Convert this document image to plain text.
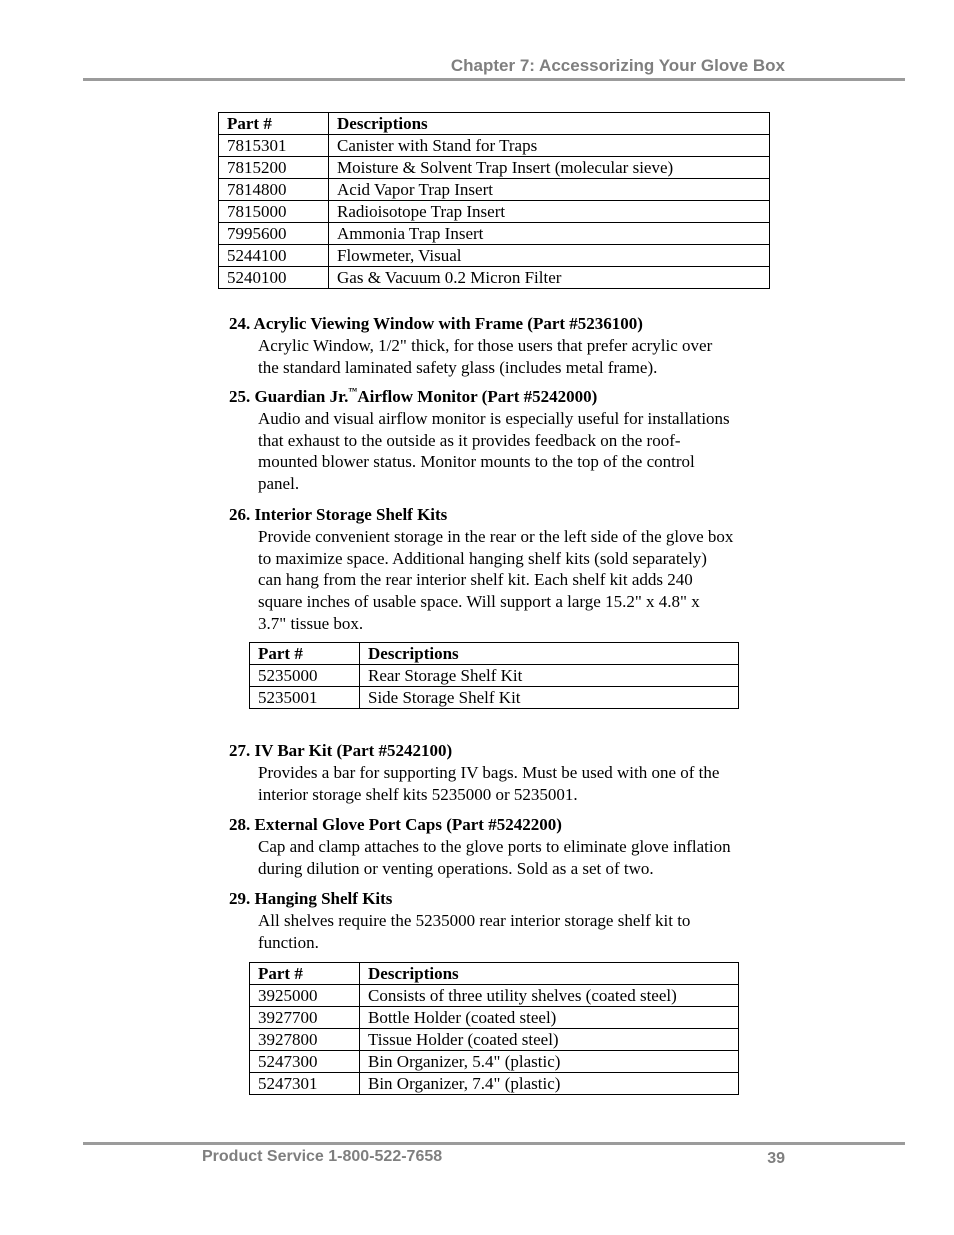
Chapter 7: Accessorizing Your Glove Box
Part #	Descriptions
7815301	Canister with Stand for Traps
7815200	Moisture & Solvent Trap Insert (molecular sieve)
7814800	Acid Vapor Trap Insert
7815000	Radioisotope Trap Insert
7995600	Ammonia Trap Insert
5244100	Flowmeter, Visual
5240100	Gas & Vacuum 0.2 Micron Filter
24. Acrylic Viewing Window with Frame (Part #5236100)
Acrylic Window, 1/2" thick, for those users that prefer acrylic over
the standard laminated safety glass (includes metal frame).
25. Guardian Jr.™Airflow Monitor (Part #5242000)
Audio and visual airflow monitor is especially useful for installations
that exhaust to the outside as it provides feedback on the roof-
mounted blower status. Monitor mounts to the top of the control
panel.
26. Interior Storage Shelf Kits
Provide convenient storage in the rear or the left side of the glove box
to maximize space. Additional hanging shelf kits (sold separately)
can hang from the rear interior shelf kit. Each shelf kit adds 240
square inches of usable space. Will support a large 15.2" x 4.8" x
3.7" tissue box.
Part #	Descriptions
5235000	Rear Storage Shelf Kit
5235001	Side Storage Shelf Kit
27. IV Bar Kit (Part #5242100)
Provides a bar for supporting IV bags. Must be used with one of the
interior storage shelf kits 5235000 or 5235001.
28. External Glove Port Caps (Part #5242200)
Cap and clamp attaches to the glove ports to eliminate glove inflation
during dilution or venting operations. Sold as a set of two.
29. Hanging Shelf Kits
All shelves require the 5235000 rear interior storage shelf kit to
function.
Part #	Descriptions
3925000	Consists of three utility shelves (coated steel)
3927700	Bottle Holder (coated steel)
3927800	Tissue Holder (coated steel)
5247300	Bin Organizer, 5.4" (plastic)
5247301	Bin Organizer, 7.4" (plastic)
Product Service 1-800-522-7658	39
